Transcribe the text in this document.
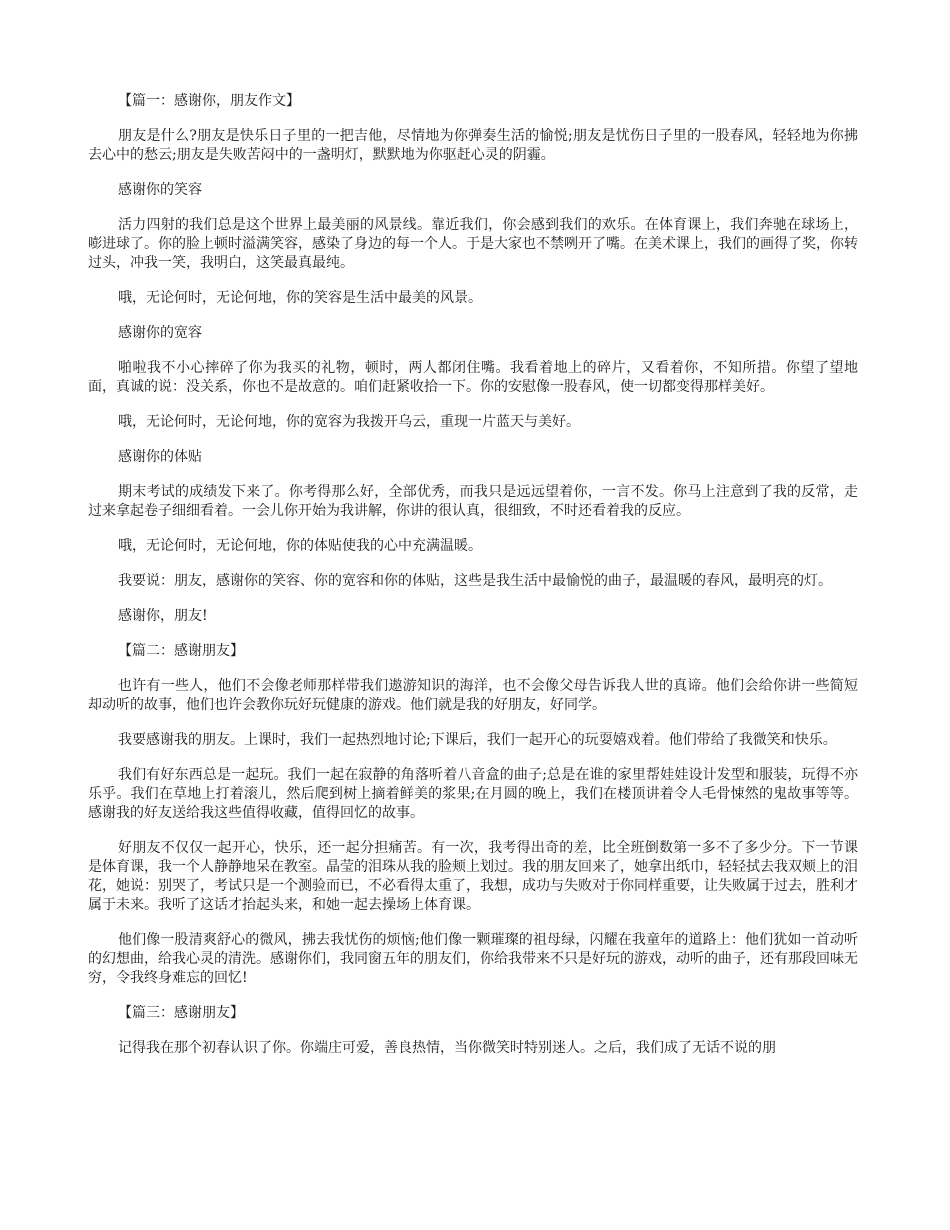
【篇一：感谢你，朋友作文】

朋友是什么?朋友是快乐日子里的一把吉他，尽情地为你弹奏生活的愉悦;朋友是忧伤日子里的一股春风，轻轻地为你拂去心中的愁云;朋友是失败苦闷中的一盏明灯，默默地为你驱赶心灵的阴霾。

感谢你的笑容

活力四射的我们总是这个世界上最美丽的风景线。靠近我们，你会感到我们的欢乐。在体育课上，我们奔驰在球场上，嘭进球了。你的脸上顿时溢满笑容，感染了身边的每一个人。于是大家也不禁咧开了嘴。在美术课上，我们的画得了奖，你转过头，冲我一笑，我明白，这笑最真最纯。

哦，无论何时，无论何地，你的笑容是生活中最美的风景。

感谢你的宽容

啪啦我不小心摔碎了你为我买的礼物，顿时，两人都闭住嘴。我看着地上的碎片，又看着你，不知所措。你望了望地面，真诚的说：没关系，你也不是故意的。咱们赶紧收拾一下。你的安慰像一股春风，使一切都变得那样美好。

哦，无论何时，无论何地，你的宽容为我拨开乌云，重现一片蓝天与美好。

感谢你的体贴

期末考试的成绩发下来了。你考得那么好，全部优秀，而我只是远远望着你，一言不发。你马上注意到了我的反常，走过来拿起卷子细细看着。一会儿你开始为我讲解，你讲的很认真，很细致，不时还看着我的反应。

哦，无论何时，无论何地，你的体贴使我的心中充满温暖。

我要说：朋友，感谢你的笑容、你的宽容和你的体贴，这些是我生活中最愉悦的曲子，最温暖的春风，最明亮的灯。

感谢你，朋友!

【篇二：感谢朋友】

也许有一些人，他们不会像老师那样带我们遨游知识的海洋，也不会像父母告诉我人世的真谛。他们会给你讲一些简短却动听的故事，他们也许会教你玩好玩健康的游戏。他们就是我的好朋友，好同学。

我要感谢我的朋友。上课时，我们一起热烈地讨论;下课后，我们一起开心的玩耍嬉戏着。他们带给了我微笑和快乐。

我们有好东西总是一起玩。我们一起在寂静的角落听着八音盒的曲子;总是在谁的家里帮娃娃设计发型和服装，玩得不亦乐乎。我们在草地上打着滚儿，然后爬到树上摘着鲜美的浆果;在月圆的晚上，我们在楼顶讲着令人毛骨悚然的鬼故事等等。感谢我的好友送给我这些值得收藏，值得回忆的故事。

好朋友不仅仅一起开心，快乐，还一起分担痛苦。有一次，我考得出奇的差，比全班倒数第一多不了多少分。下一节课是体育课，我一个人静静地呆在教室。晶莹的泪珠从我的脸颊上划过。我的朋友回来了，她拿出纸巾，轻轻拭去我双颊上的泪花，她说：别哭了，考试只是一个测验而已，不必看得太重了，我想，成功与失败对于你同样重要，让失败属于过去，胜利才属于未来。我听了这话才抬起头来，和她一起去操场上体育课。

他们像一股清爽舒心的微风，拂去我忧伤的烦恼;他们像一颗璀璨的祖母绿，闪耀在我童年的道路上：他们犹如一首动听的幻想曲，给我心灵的清洗。感谢你们，我同窗五年的朋友们，你给我带来不只是好玩的游戏，动听的曲子，还有那段回味无穷，令我终身难忘的回忆!

【篇三：感谢朋友】

记得我在那个初春认识了你。你端庄可爱，善良热情，当你微笑时特别迷人。之后，我们成了无话不说的朋
